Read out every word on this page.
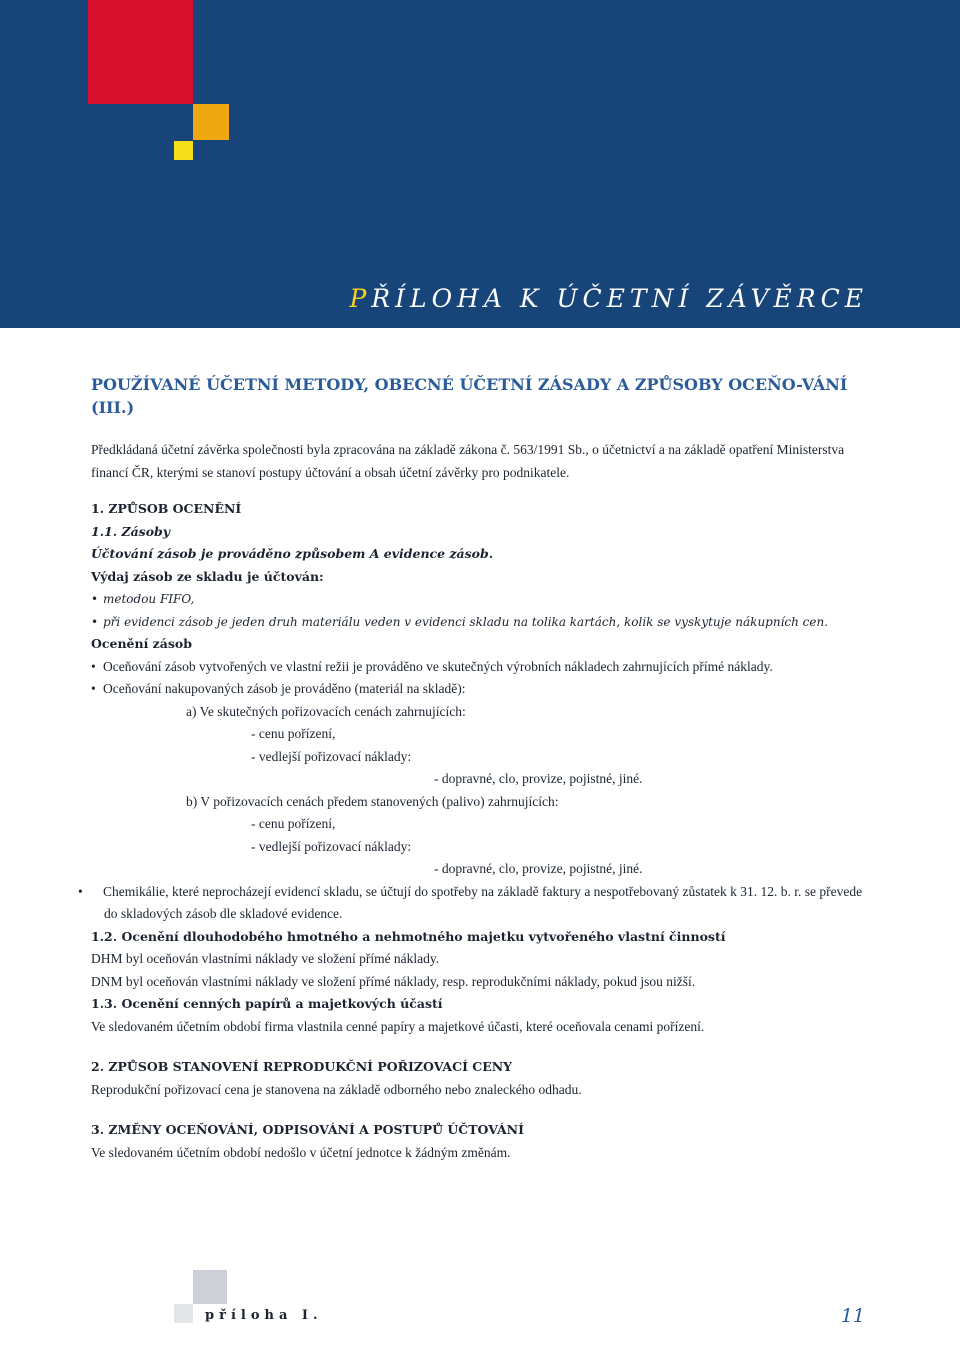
PŘÍLOHA K ÚČETNÍ ZÁVĚRCE
POUŽÍVANÉ ÚČETNÍ METODY, OBECNÉ ÚČETNÍ ZÁSADY A ZPŮSOBY OCEŇO-VÁNÍ (III.)

Předkládaná účetní závěrka společnosti byla zpracována na základě zákona č. 563/1991 Sb., o účetnictví a na základě opatření Ministerstva financí ČR, kterými se stanoví postupy účtování a obsah účetní závěrky pro podnikatele.

1. ZPŮSOB OCENĚNÍ

1.1. Zásoby

Účtování zásob je prováděno způsobem A evidence zásob.

Výdaj zásob ze skladu je účtován:

• metodou FIFO,

• při evidenci zásob je jeden druh materiálu veden v evidenci skladu na tolika kartách, kolik se vyskytuje nákupních cen.

Ocenění zásob

• Oceňování zásob vytvořených ve vlastní režii je prováděno ve skutečných výrobních nákladech zahrnujících přímé náklady.

• Oceňování nakupovaných zásob je prováděno (materiál na skladě):

a) Ve skutečných pořizovacích cenách zahrnujících:

- cenu pořízení,

- vedlejší pořizovací náklady:

- dopravné, clo, provize, pojistné, jiné.

b) V pořizovacích cenách předem stanovených (palivo) zahrnujících:

- cenu pořízení,

- vedlejší pořizovací náklady:

- dopravné, clo, provize, pojistné, jiné.

• Chemikálie, které neprocházejí evidencí skladu, se účtují do spotřeby na základě faktury a nespotřebovaný zůstatek k 31. 12. b. r. se převede do skladových zásob dle skladové evidence.

1.2. Ocenění dlouhodobého hmotného a nehmotného majetku vytvořeného vlastní činností

DHM byl oceňován vlastními náklady ve složení přímé náklady.

DNM byl oceňován vlastními náklady ve složení přímé náklady, resp. reprodukčními náklady, pokud jsou nižší.

1.3. Ocenění cenných papírů a majetkových účastí

Ve sledovaném účetním období firma vlastnila cenné papíry a majetkové účasti, které oceňovala cenami pořízení.

2. ZPŮSOB STANOVENÍ REPRODUKČNÍ POŘIZOVACÍ CENY

Reprodukční pořizovací cena je stanovena na základě odborného nebo znaleckého odhadu.

3. ZMĚNY OCEŇOVÁNÍ, ODPISOVÁNÍ A POSTUPŮ ÚČTOVÁNÍ

Ve sledovaném účetním období nedošlo v účetní jednotce k žádným změnám.

příloha I.	11
